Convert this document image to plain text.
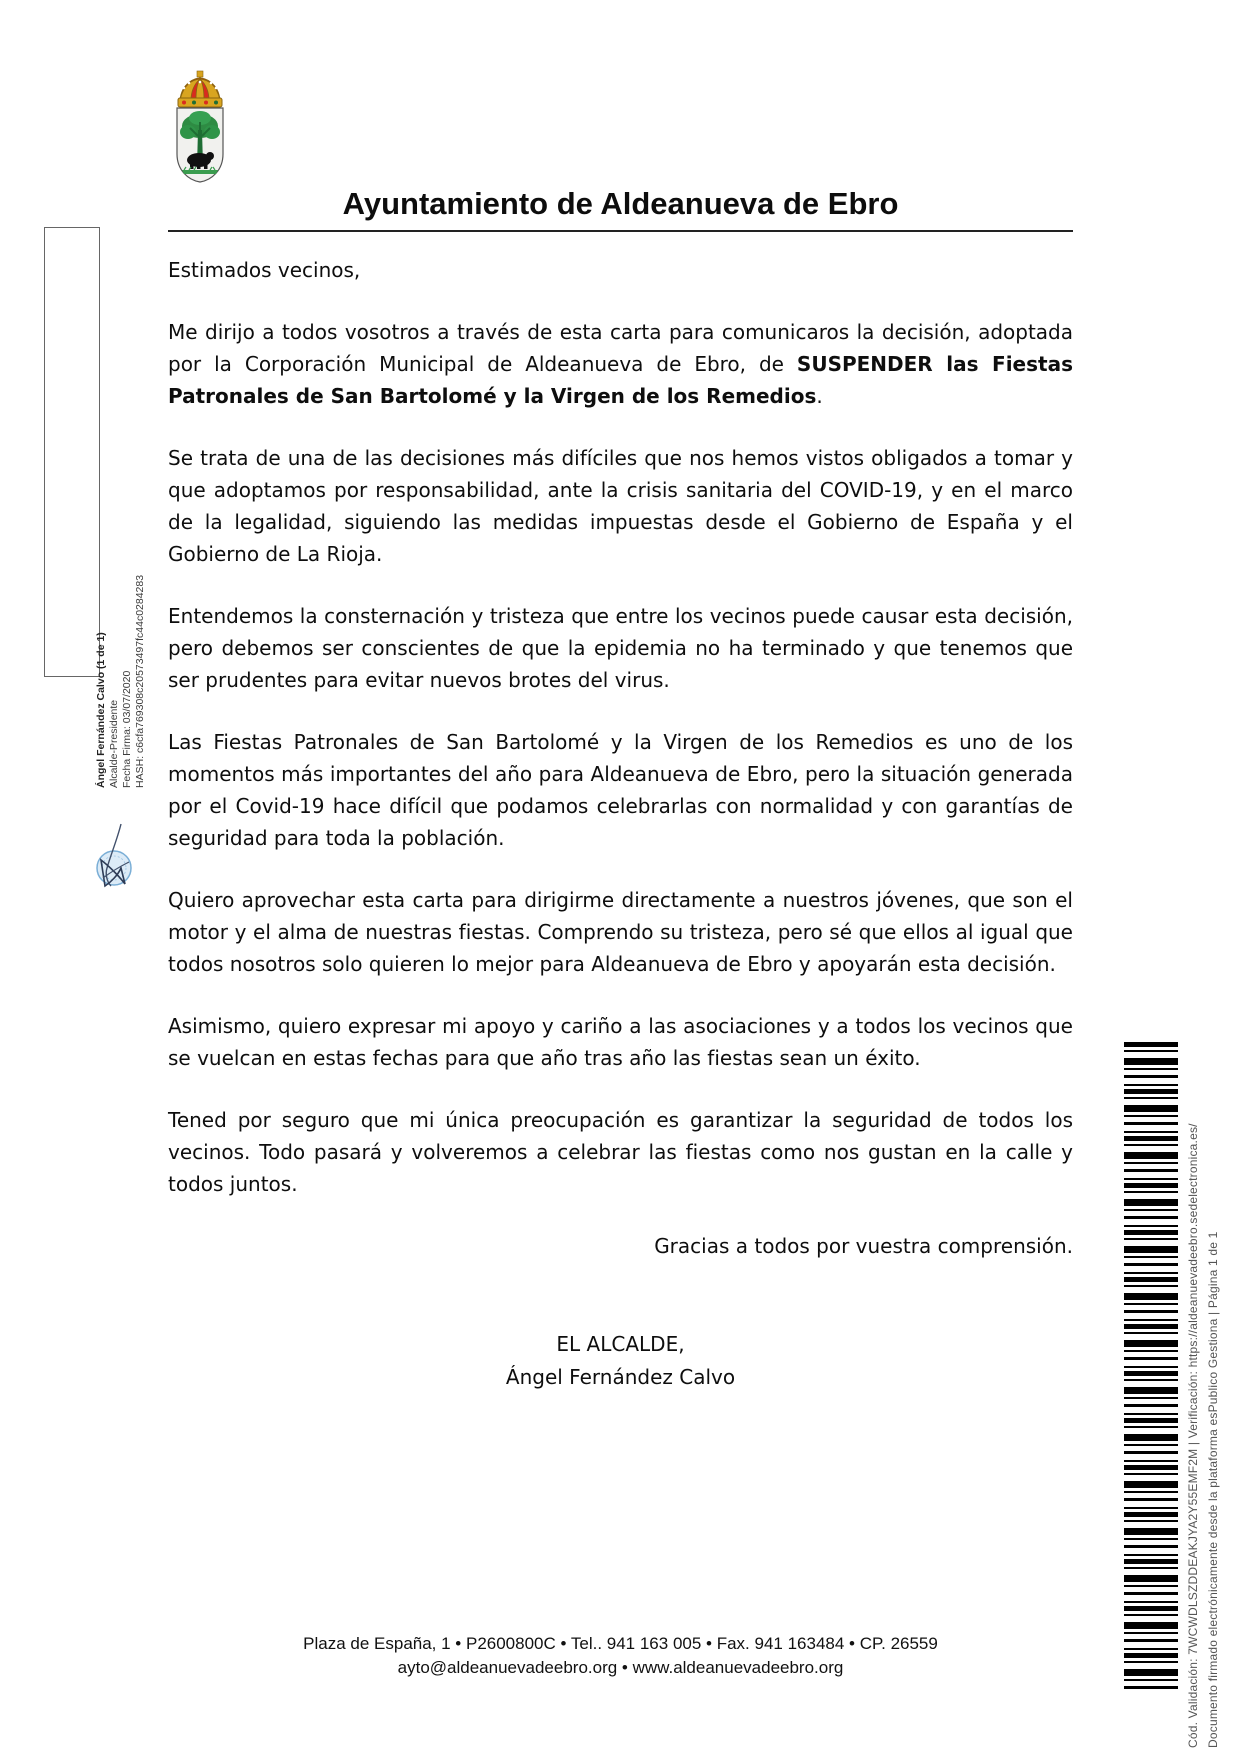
Ayuntamiento de Aldeanueva de Ebro

Estimados vecinos,

Me dirijo a todos vosotros a través de esta carta para comunicaros la decisión, adoptada por la Corporación Municipal de Aldeanueva de Ebro, de SUSPENDER las Fiestas Patronales de San Bartolomé y la Virgen de los Remedios.

Se trata de una de las decisiones más difíciles que nos hemos vistos obligados a tomar y que adoptamos por responsabilidad, ante la crisis sanitaria del COVID-19, y en el marco de la legalidad, siguiendo las medidas impuestas desde el Gobierno de España y el Gobierno de La Rioja.

Entendemos la consternación y tristeza que entre los vecinos puede causar esta decisión, pero debemos ser conscientes de que la epidemia no ha terminado y que tenemos que ser prudentes para evitar nuevos brotes del virus.

Las Fiestas Patronales de San Bartolomé y la Virgen de los Remedios es uno de los momentos más importantes del año para Aldeanueva de Ebro, pero la situación generada por el Covid-19 hace difícil que podamos celebrarlas con normalidad y con garantías de seguridad para toda la población.

Quiero aprovechar esta carta para dirigirme directamente a nuestros jóvenes, que son el motor y el alma de nuestras fiestas. Comprendo su tristeza, pero sé que ellos al igual que todos nosotros solo quieren lo mejor para Aldeanueva de Ebro y apoyarán esta decisión.

Asimismo, quiero expresar mi apoyo y cariño a las asociaciones y a todos los vecinos que se vuelcan en estas fechas para que año tras año las fiestas sean un éxito.

Tened por seguro que mi única preocupación es garantizar la seguridad de todos los vecinos. Todo pasará y volveremos a celebrar las fiestas como nos gustan en la calle y todos juntos.

Gracias a todos por vuestra comprensión.

EL ALCALDE,
Ángel Fernández Calvo
Plaza de España, 1 • P2600800C • Tel.. 941 163 005 • Fax. 941 163484 • CP. 26559
ayto@aldeanuevadeebro.org • www.aldeanuevadeebro.org
Ángel Fernández Calvo (1 de 1) Alcalde-Presidente Fecha Firma: 03/07/2020 HASH: c6cfa769308c20573497fc44c0284283
Cód. Validación: 7WCWDLSZDDEAKJYA2Y55EMF2M | Verificación: https://aldeanuevadeebro.sedelectronica.es/ Documento firmado electrónicamente desde la plataforma esPublico Gestiona | Página 1 de 1
